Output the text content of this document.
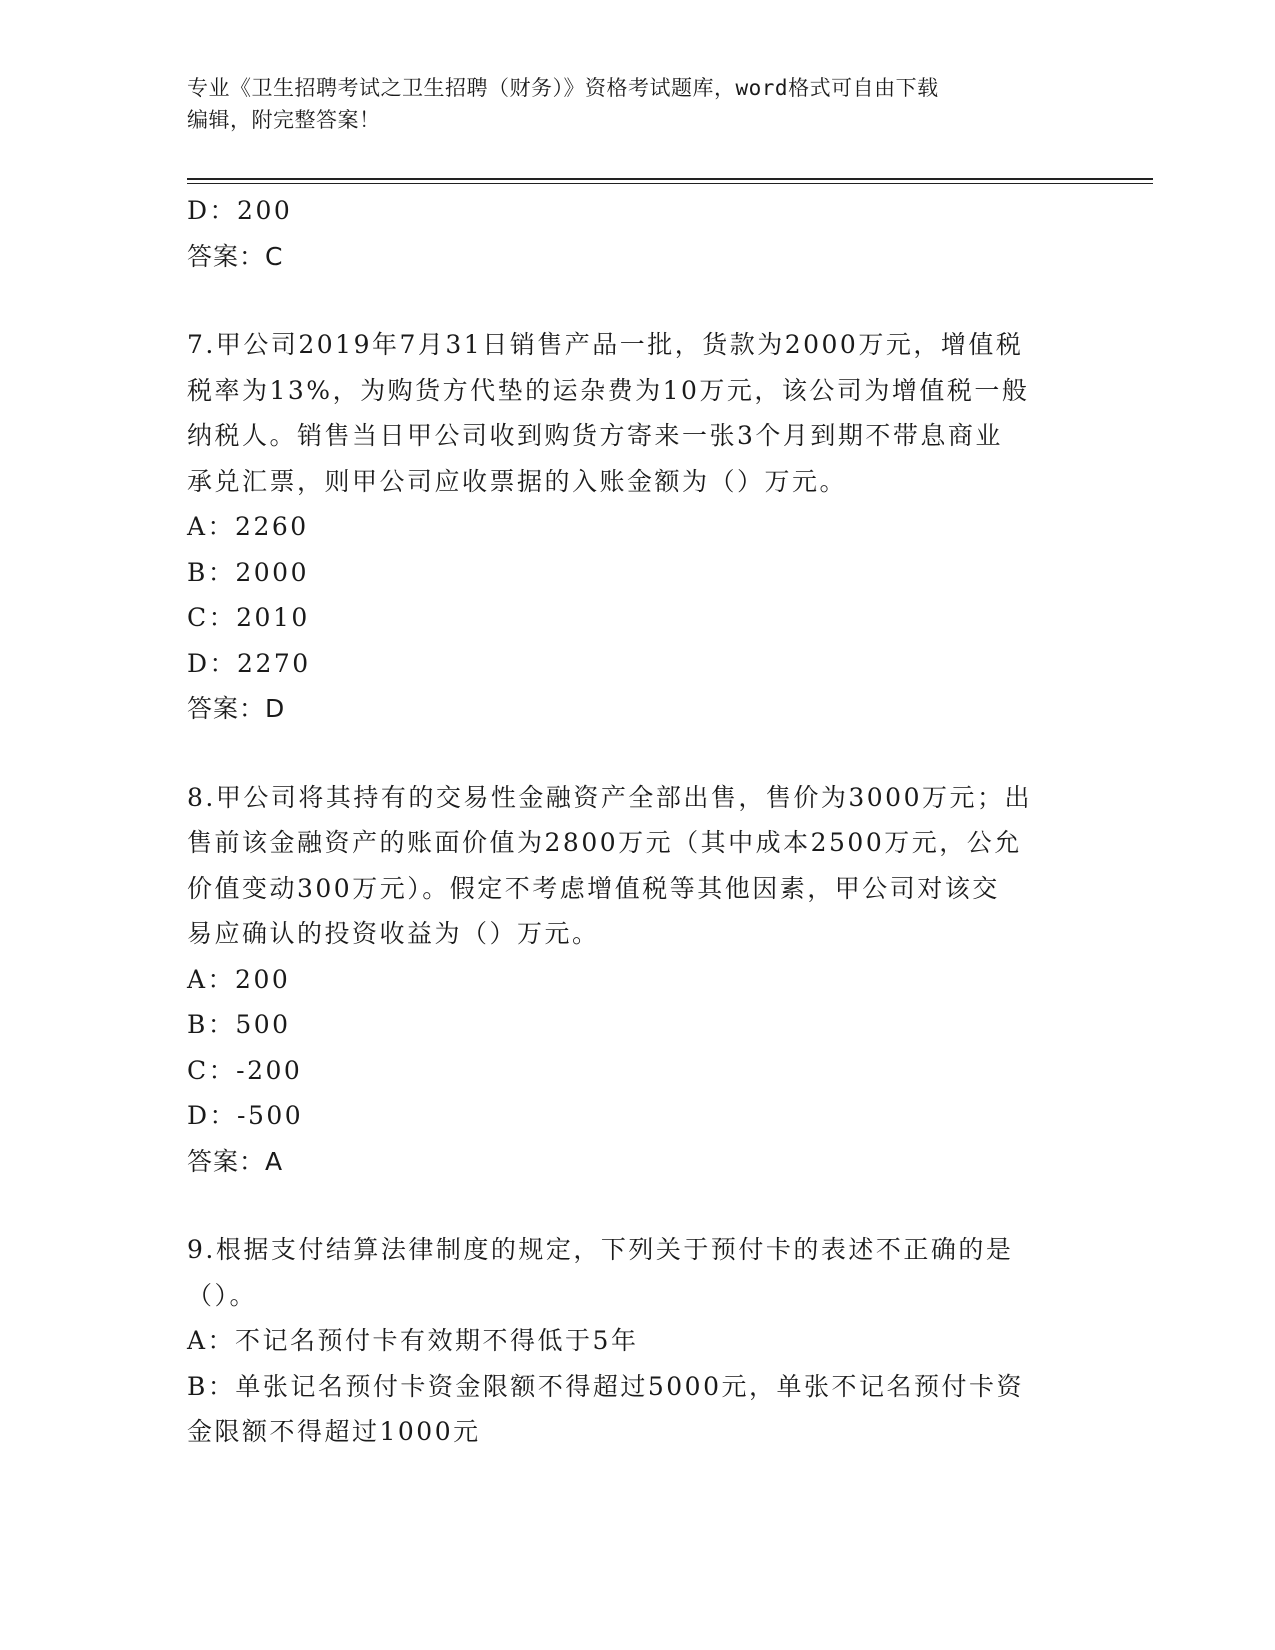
专业《卫生招聘考试之卫生招聘（财务）》资格考试题库，word格式可自由下载
编辑，附完整答案！
D：200
答案：C
7.甲公司2019年7月31日销售产品一批，货款为2000万元，增值税
税率为13%，为购货方代垫的运杂费为10万元，该公司为增值税一般
纳税人。销售当日甲公司收到购货方寄来一张3个月到期不带息商业
承兑汇票，则甲公司应收票据的入账金额为（）万元。
A：2260
B：2000
C：2010
D：2270
答案：D
8.甲公司将其持有的交易性金融资产全部出售，售价为3000万元；出
售前该金融资产的账面价值为2800万元（其中成本2500万元，公允
价值变动300万元）。假定不考虑增值税等其他因素，甲公司对该交
易应确认的投资收益为（）万元。
A：200
B：500
C：-200
D：-500
答案：A
9.根据支付结算法律制度的规定，下列关于预付卡的表述不正确的是
（）。
A：不记名预付卡有效期不得低于5年
B：单张记名预付卡资金限额不得超过5000元，单张不记名预付卡资
金限额不得超过1000元
